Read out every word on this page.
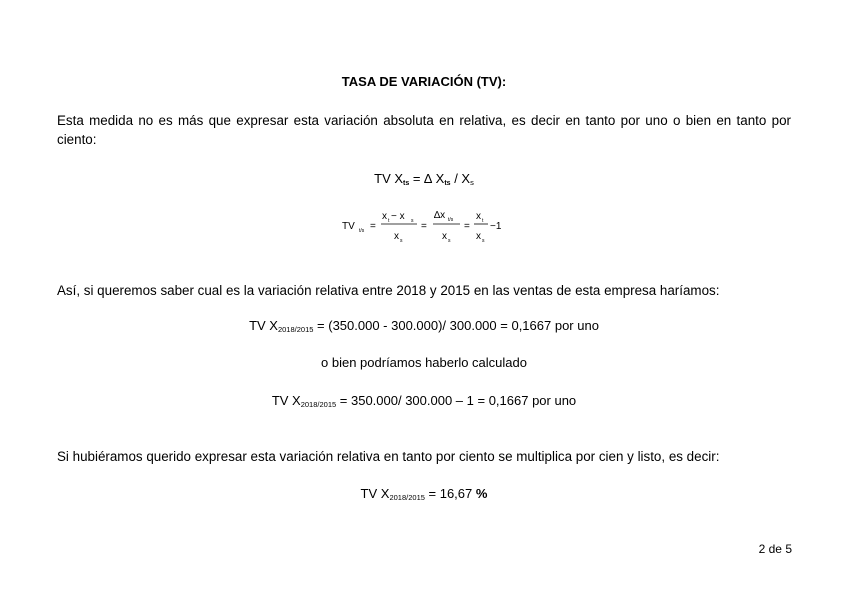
TASA DE VARIACIÓN (TV):
Esta medida no es más que expresar esta variación absoluta en relativa, es decir en tanto por uno o bien en tanto por ciento:
TV Xts = ∆ Xts / $X_s$
TV t/s =
x t − x s
x s
=
∆x t/s
x s
=
x t
x s
−1
Así, si queremos saber cual es la variación relativa entre 2018 y 2015 en las ventas de esta empresa haríamos:
TV $X_{2018/2015} = (350.000 - 300.000)/$ 300.000 = 0,1667 por uno
o bien podríamos haberlo calculado
TV $X_{2018/2015} = 350.000/$ 300.000 – 1 = 0,1667 por uno
Si hubiéramos querido expresar esta variación relativa en tanto por ciento se multiplica por cien y listo, es decir:
TV $X_{2018/2015} = 16,67$ %
2 de 5
